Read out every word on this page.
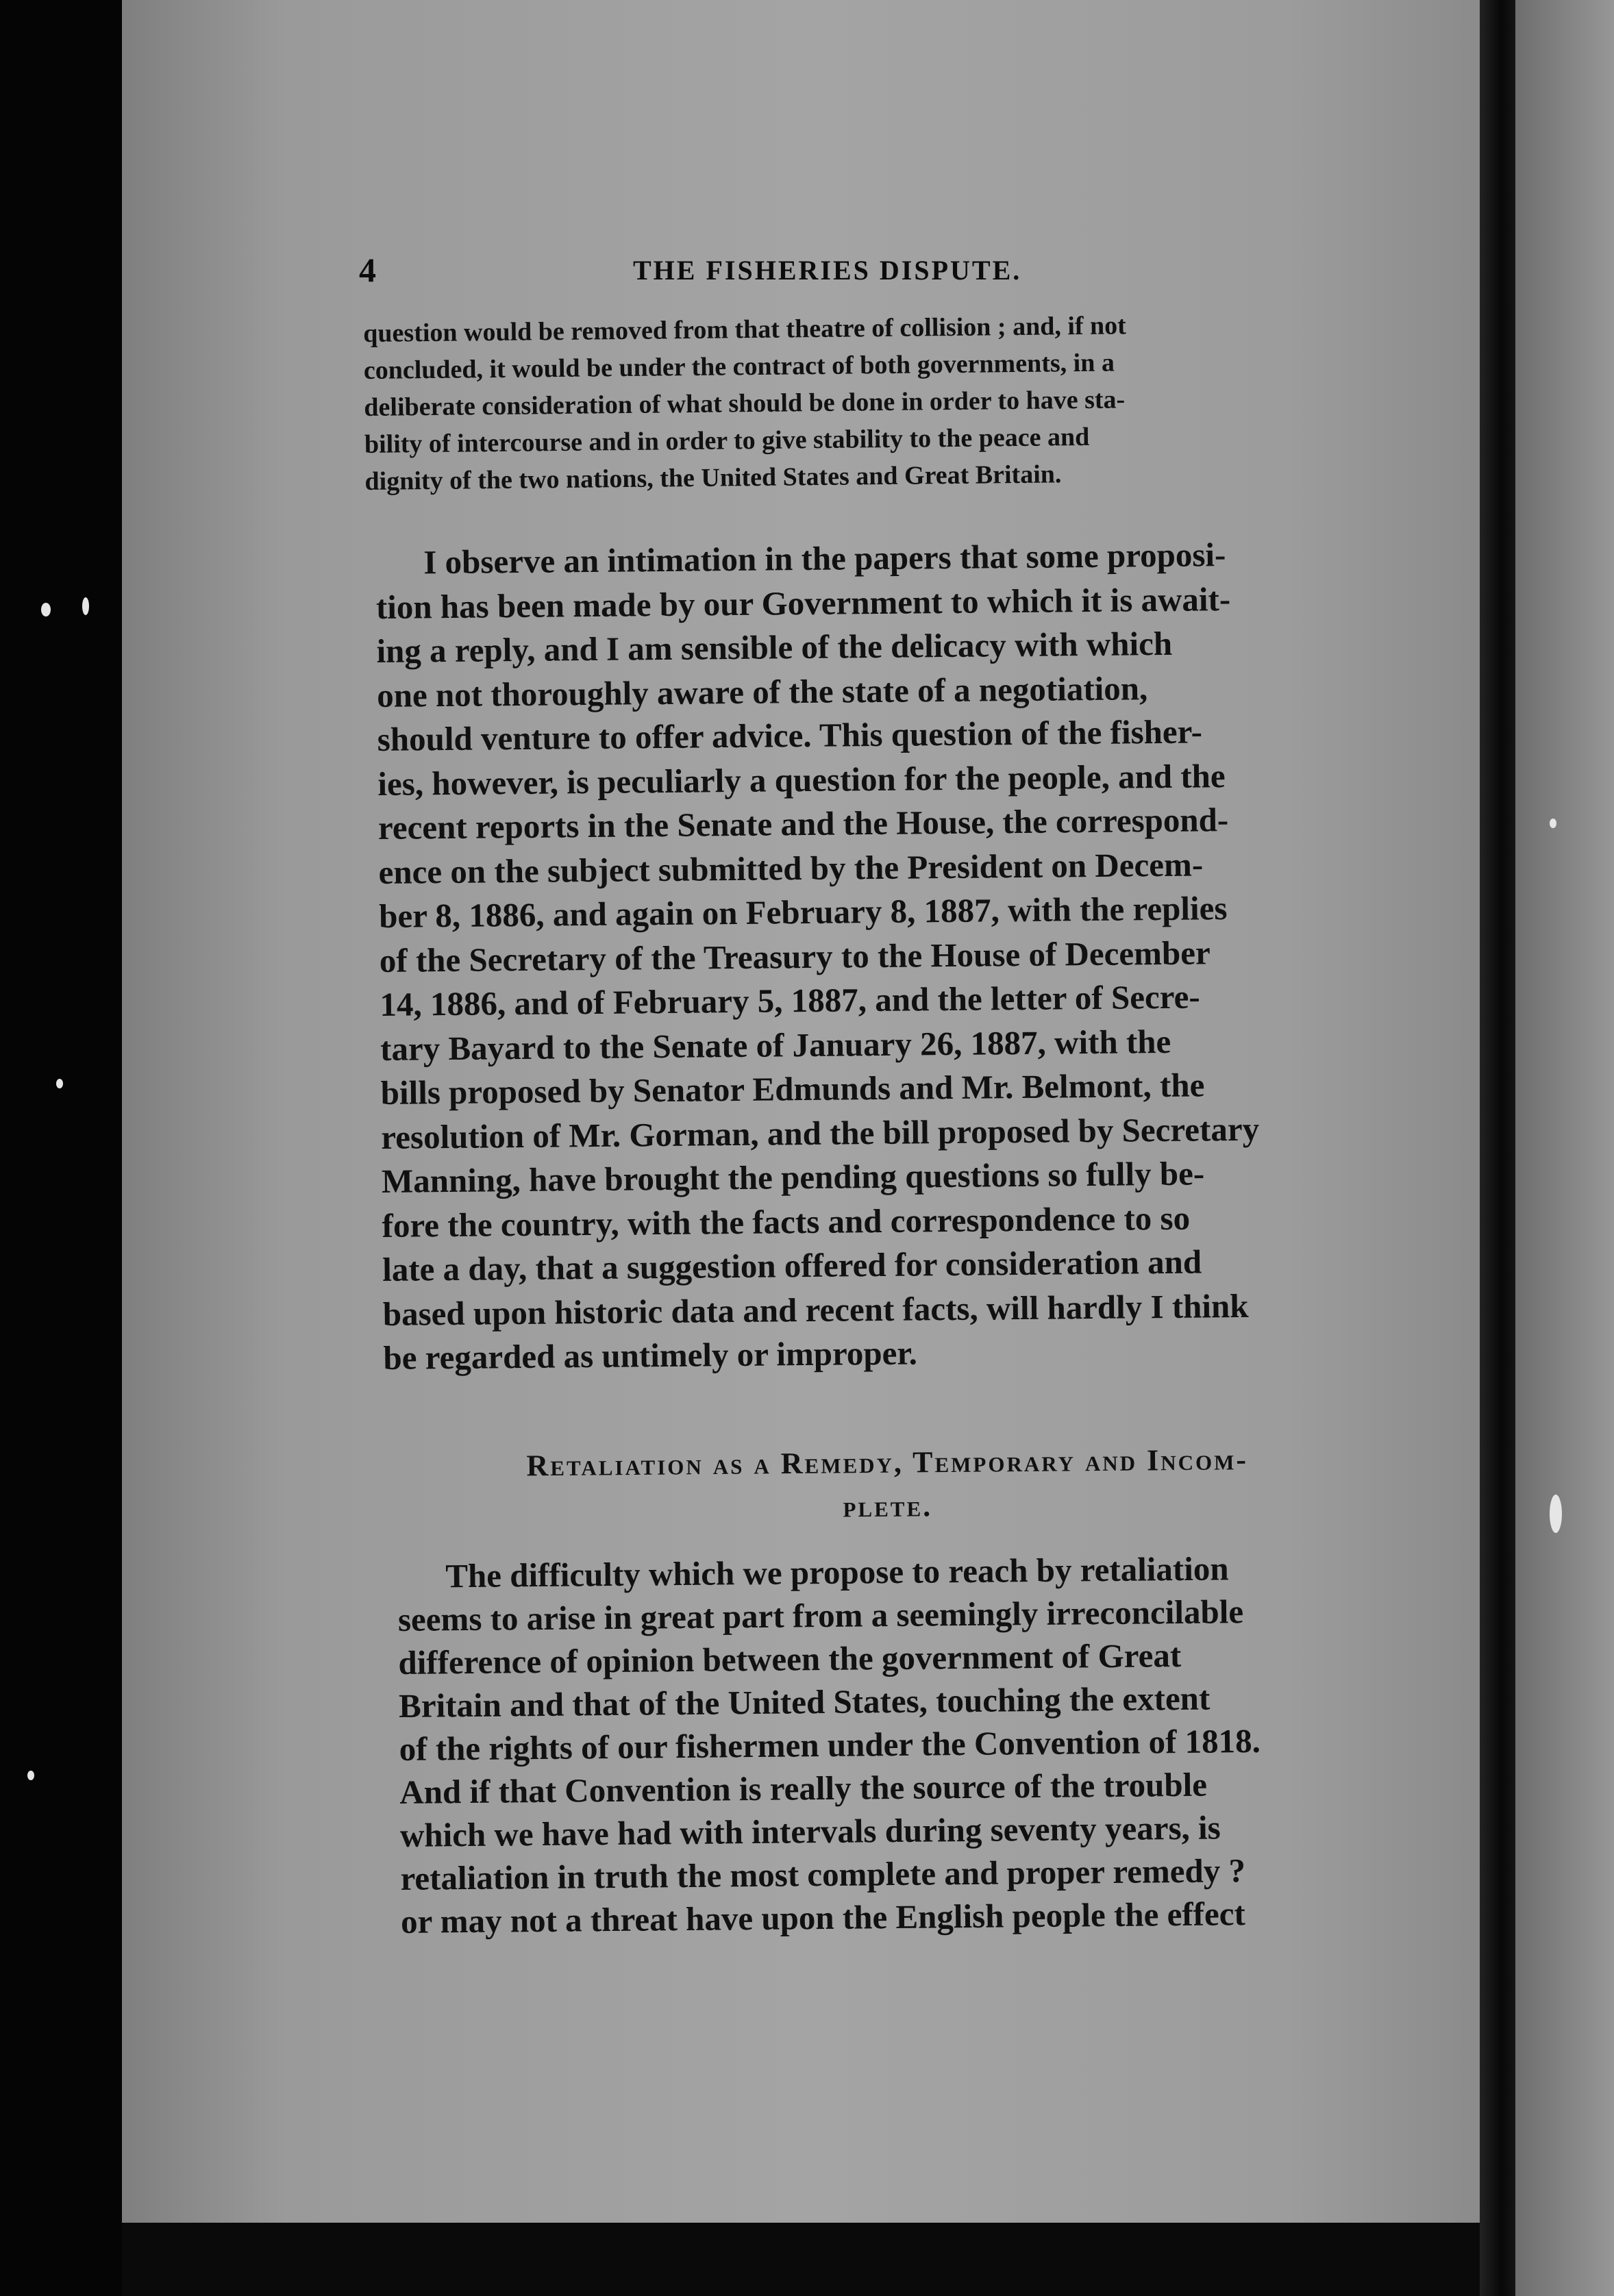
4	THE FISHERIES DISPUTE.
question would be removed from that theatre of collision ; and, if not
concluded, it would be under the contract of both governments, in a
deliberate consideration of what should be done in order to have sta-
bility of intercourse and in order to give stability to the peace and
dignity of the two nations, the United States and Great Britain.
I observe an intimation in the papers that some proposi-
tion has been made by our Government to which it is await-
ing a reply, and I am sensible of the delicacy with which
one not thoroughly aware of the state of a negotiation,
should venture to offer advice. This question of the fisher-
ies, however, is peculiarly a question for the people, and the
recent reports in the Senate and the House, the correspond-
ence on the subject submitted by the President on Decem-
ber 8, 1886, and again on February 8, 1887, with the replies
of the Secretary of the Treasury to the House of December
14, 1886, and of February 5, 1887, and the letter of Secre-
tary Bayard to the Senate of January 26, 1887, with the
bills proposed by Senator Edmunds and Mr. Belmont, the
resolution of Mr. Gorman, and the bill proposed by Secretary
Manning, have brought the pending questions so fully be-
fore the country, with the facts and correspondence to so
late a day, that a suggestion offered for consideration and
based upon historic data and recent facts, will hardly I think
be regarded as untimely or improper.
Retaliation as a Remedy, Temporary and Incom-
plete.
The difficulty which we propose to reach by retaliation
seems to arise in great part from a seemingly irreconcilable
difference of opinion between the government of Great
Britain and that of the United States, touching the extent
of the rights of our fishermen under the Convention of 1818.
And if that Convention is really the source of the trouble
which we have had with intervals during seventy years, is
retaliation in truth the most complete and proper remedy ?
or may not a threat have upon the English people the effect
